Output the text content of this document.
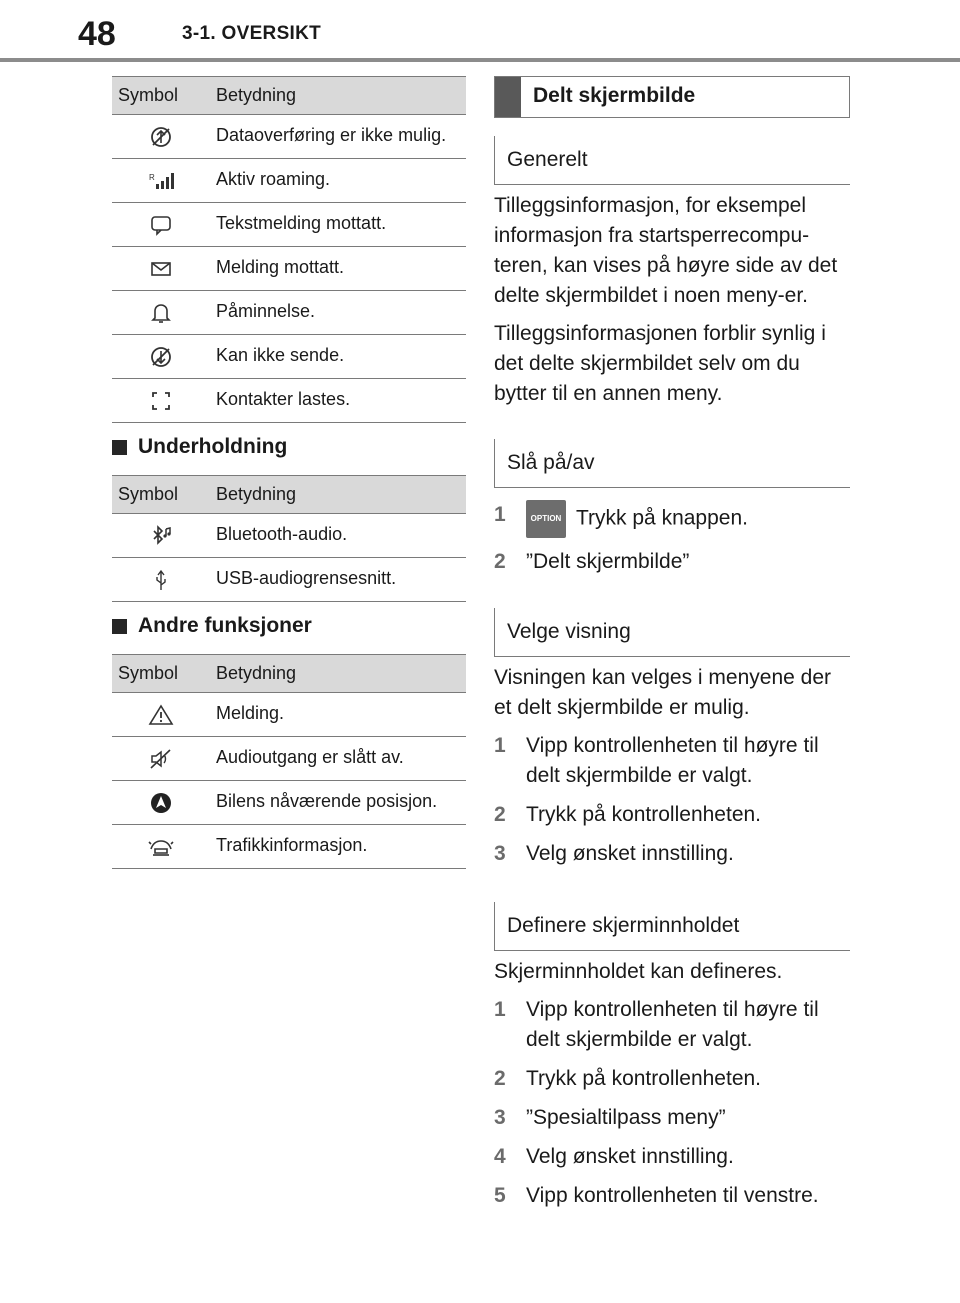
48	3-1. OVERSIKT
Symbol	Betydning
	Dataoverføring er ikke mulig.

R	Aktiv roaming.
	Tekstmelding mottatt.
	Melding mottatt.
	Påminnelse.
	Kan ikke sende.
	Kontakter lastes.
Underholdning
Symbol	Betydning
	Bluetooth-audio.
	USB-audiogrensesnitt.
Andre funksjoner
Symbol	Betydning
	Melding.
	Audioutgang er slått av.
	Bilens nåværende posisjon.
	Trafikkinformasjon.
Delt skjermbilde
Generelt
Tilleggsinformasjon, for eksempel informasjon fra startsperrecompu-teren, kan vises på høyre side av det delte skjermbildet i noen meny-er.
Tilleggsinformasjonen forblir synlig i det delte skjermbildet selv om du bytter til en annen meny.
Slå på/av
1	OPTION Trykk på knappen.
2 ”Delt skjermbilde”
Velge visning
Visningen kan velges i menyene der et delt skjermbilde er mulig.
1 Vipp kontrollenheten til høyre til delt skjermbilde er valgt.
2 Trykk på kontrollenheten.
3 Velg ønsket innstilling.
Definere skjerminnholdet
Skjerminnholdet kan defineres.
1 Vipp kontrollenheten til høyre til delt skjermbilde er valgt.
2 Trykk på kontrollenheten.
3 ”Spesialtilpass meny”
4 Velg ønsket innstilling.
5 Vipp kontrollenheten til venstre.
